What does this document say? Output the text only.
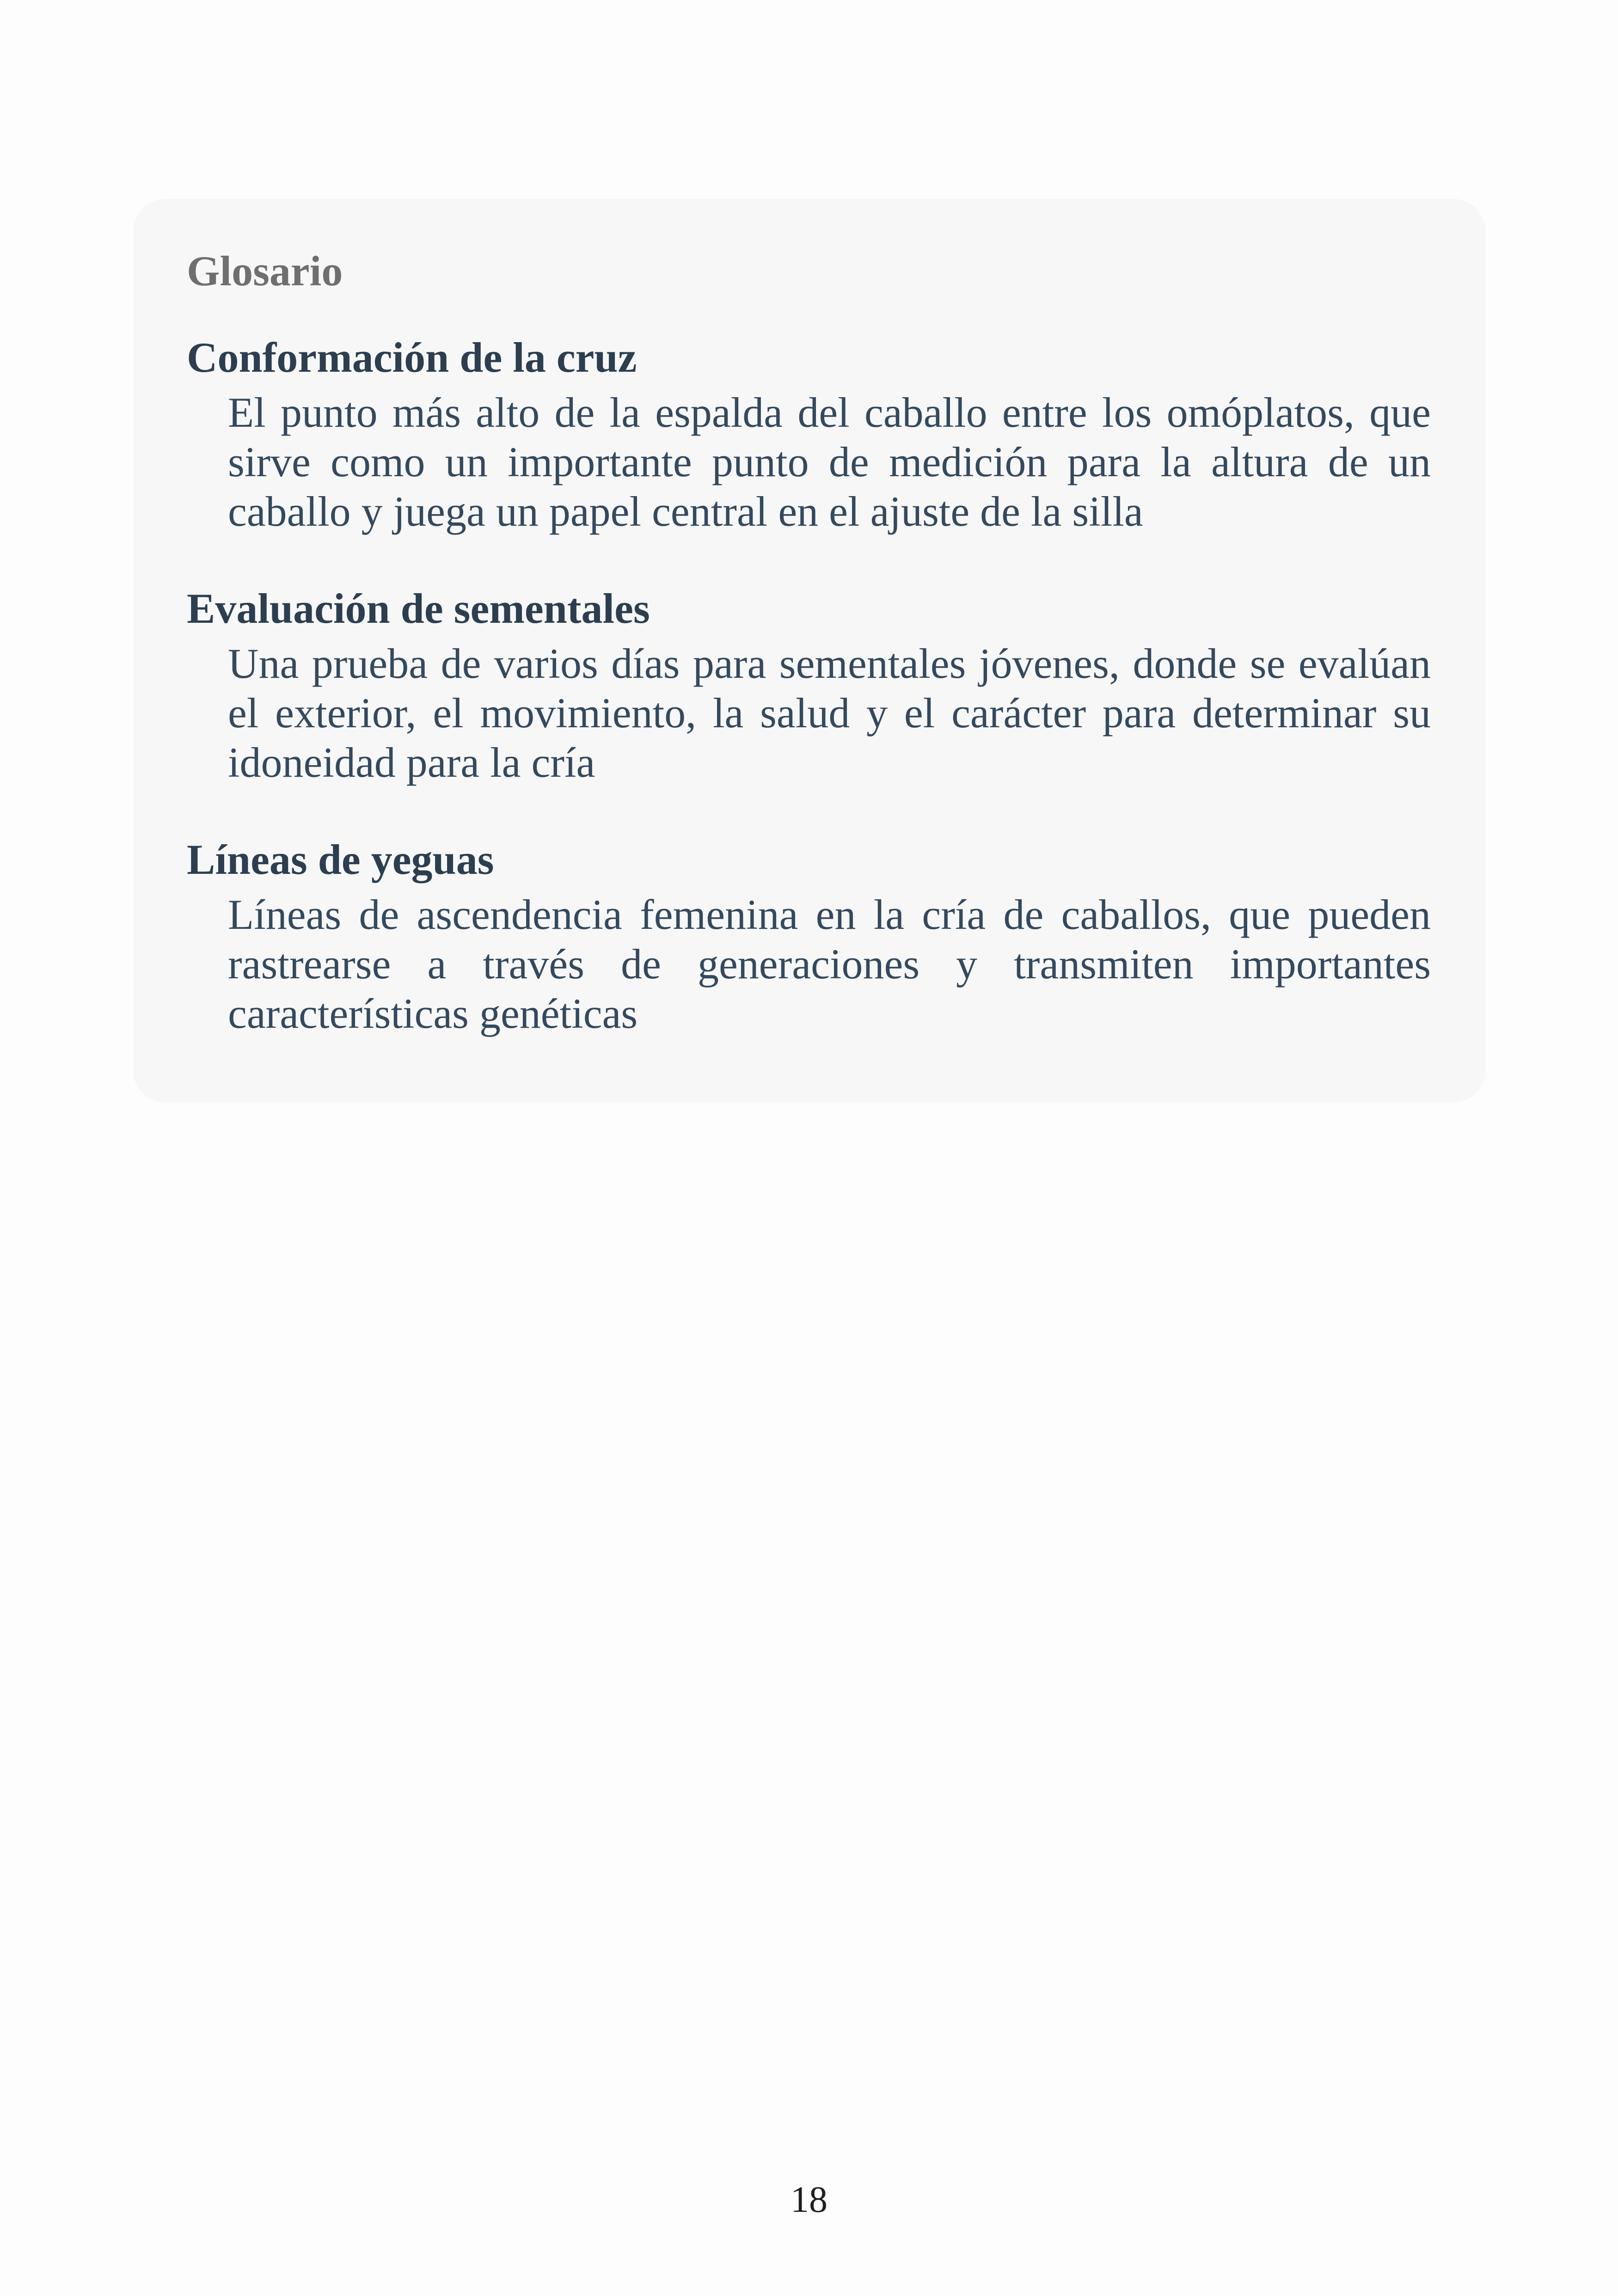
Glosario
Conformación de la cruz
El punto más alto de la espalda del caballo entre los omóplatos, que sirve como un importante punto de medición para la altura de un caballo y juega un papel central en el ajuste de la silla
Evaluación de sementales
Una prueba de varios días para sementales jóvenes, donde se evalúan el exterior, el movimiento, la salud y el carácter para determinar su idoneidad para la cría
Líneas de yeguas
Líneas de ascendencia femenina en la cría de caballos, que pueden rastrearse a través de generaciones y transmiten importantes características genéticas
18
